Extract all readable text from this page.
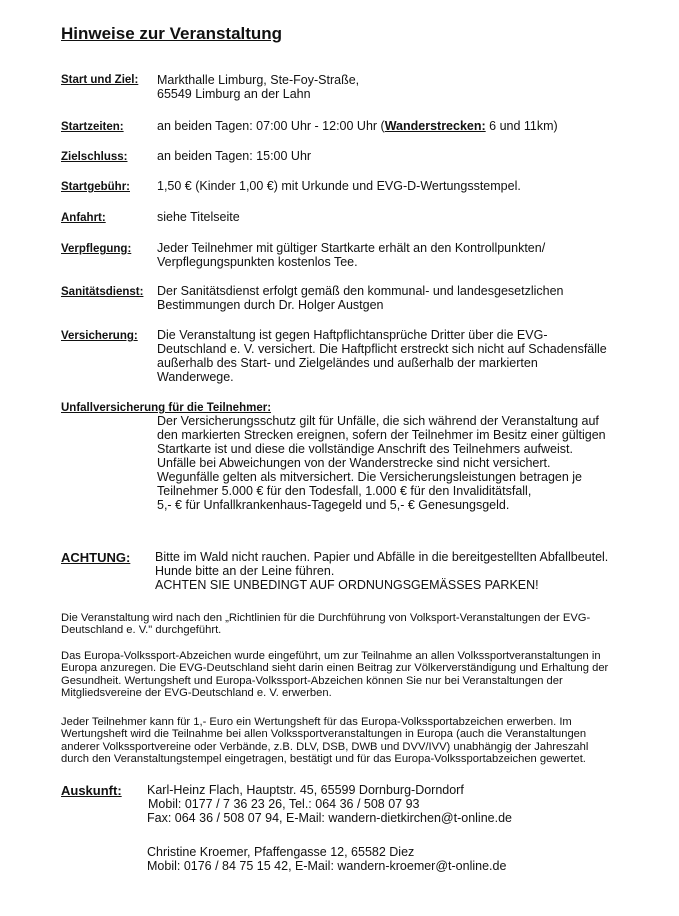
Hinweise zur Veranstaltung
Start und Ziel: Markthalle Limburg, Ste-Foy-Straße,
65549 Limburg an der Lahn
Startzeiten:	an beiden Tagen: 07:00 Uhr - 12:00 Uhr (Wanderstrecken: 6 und 11km)
Zielschluss: an beiden Tagen: 15:00 Uhr
Startgebühr: 1,50 € (Kinder 1,00 €) mit Urkunde und EVG-D-Wertungsstempel.
Anfahrt:	siehe Titelseite
Verpflegung: Jeder Teilnehmer mit gültiger Startkarte erhält an den Kontrollpunkten/
Verpflegungspunkten kostenlos Tee.
Sanitätsdienst: Der Sanitätsdienst erfolgt gemäß den kommunal- und landesgesetzlichen
Bestimmungen durch Dr. Holger Austgen
Versicherung: Die Veranstaltung ist gegen Haftpflichtansprüche Dritter über die EVG-
Deutschland e. V. versichert. Die Haftpflicht erstreckt sich nicht auf Schadensfälle
außerhalb des Start- und Zielgeländes und außerhalb der markierten
Wanderwege.
Unfallversicherung für die Teilnehmer:
Der Versicherungsschutz gilt für Unfälle, die sich während der Veranstaltung auf
den markierten Strecken ereignen, sofern der Teilnehmer im Besitz einer gültigen
Startkarte ist und diese die vollständige Anschrift des Teilnehmers aufweist.
Unfälle bei Abweichungen von der Wanderstrecke sind nicht versichert.
Wegunfälle gelten als mitversichert. Die Versicherungsleistungen betragen je
Teilnehmer 5.000 € für den Todesfall, 1.000 € für den Invaliditätsfall,
5,- € für Unfallkrankenhaus-Tagegeld und 5,- € Genesungsgeld.
ACHTUNG: Bitte im Wald nicht rauchen. Papier und Abfälle in die bereitgestellten Abfallbeutel.
Hunde bitte an der Leine führen.
ACHTEN SIE UNBEDINGT AUF ORDNUNGSGEMÄSSES PARKEN!
Die Veranstaltung wird nach den „Richtlinien für die Durchführung von Volksport-Veranstaltungen der EVG-
Deutschland e. V." durchgeführt.
Das Europa-Volkssport-Abzeichen wurde eingeführt, um zur Teilnahme an allen Volkssportveranstaltungen in
Europa anzuregen. Die EVG-Deutschland sieht darin einen Beitrag zur Völkerverständigung und Erhaltung der
Gesundheit. Wertungsheft und Europa-Volkssport-Abzeichen können Sie nur bei Veranstaltungen der
Mitgliedsvereine der EVG-Deutschland e. V. erwerben.
Jeder Teilnehmer kann für 1,- Euro ein Wertungsheft für das Europa-Volkssportabzeichen erwerben. Im
Wertungsheft wird die Teilnahme bei allen Volkssportveranstaltungen in Europa (auch die Veranstaltungen
anderer Volkssportvereine oder Verbände, z.B. DLV, DSB, DWB und DVV/IVV) unabhängig der Jahreszahl
durch den Veranstaltungstempel eingetragen, bestätigt und für das Europa-Volkssportabzeichen gewertet.
Auskunft: Karl-Heinz Flach, Hauptstr. 45, 65599 Dornburg-Dorndorf
Mobil: 0177 / 7 36 23 26, Tel.: 064 36 / 508 07 93
Fax: 064 36 / 508 07 94, E-Mail: wandern-dietkirchen@t-online.de
Christine Kroemer, Pfaffengasse 12, 65582 Diez
Mobil: 0176 / 84 75 15 42, E-Mail: wandern-kroemer@t-online.de
